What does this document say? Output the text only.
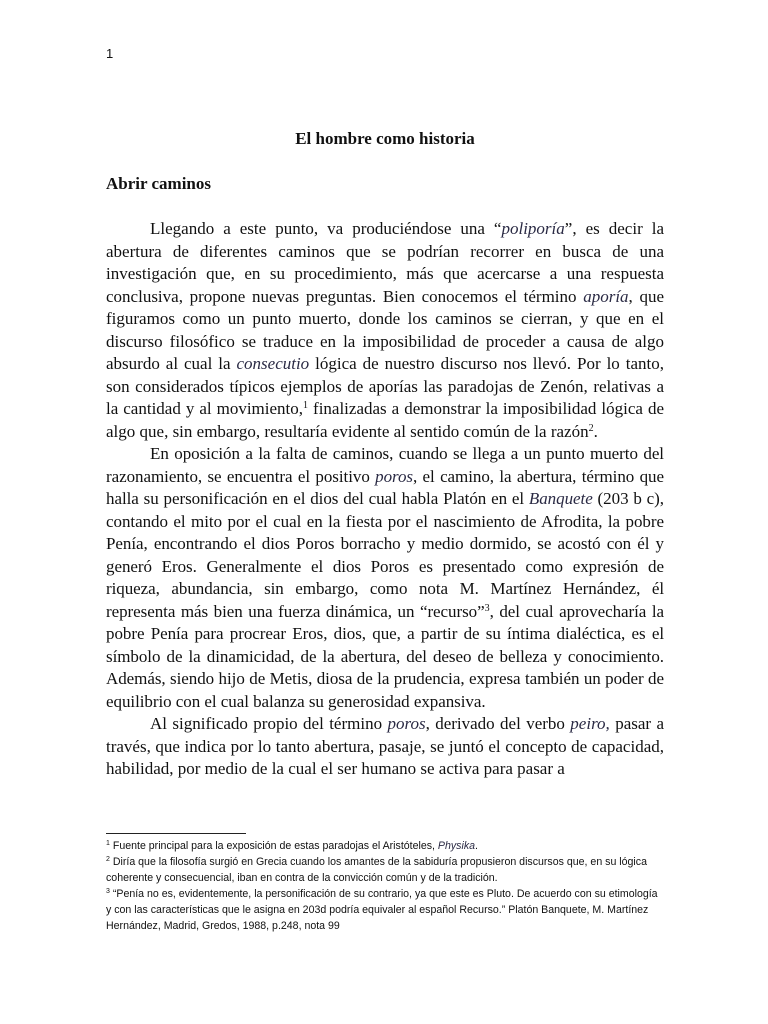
1
El hombre como historia
Abrir caminos

Llegando a este punto, va produciéndose una “poliporía”, es decir la abertura de diferentes caminos que se podrían recorrer en busca de una investigación que, en su procedimiento, más que acercarse a una respuesta conclusiva, propone nuevas preguntas. Bien conocemos el término aporía, que figuramos como un punto muerto, donde los caminos se cierran, y que en el discurso filosófico se traduce en la imposibilidad de proceder a causa de algo absurdo al cual la consecutio lógica de nuestro discurso nos llevó. Por lo tanto, son considerados típicos ejemplos de aporías las paradojas de Zenón, relativas a la cantidad y al movimiento,$^1$ finalizadas a demonstrar la imposibilidad lógica de algo que, sin embargo, resultaría evidente al sentido común de la razón$^2$.

En oposición a la falta de caminos, cuando se llega a un punto muerto del razonamiento, se encuentra el positivo poros, el camino, la abertura, término que halla su personificación en el dios del cual habla Platón en el Banquete (203 b c), contando el mito por el cual en la fiesta por el nascimiento de Afrodita, la pobre Penía, encontrando el dios Poros borracho y medio dormido, se acostó con él y generó Eros. Generalmente el dios Poros es presentado como expresión de riqueza, abundancia, sin embargo, como nota M. Martínez Hernández, él representa más bien una fuerza dinámica, un “recurso”$^3$, del cual aprovecharía la pobre Penía para procrear Eros, dios, que, a partir de su íntima dialéctica, es el símbolo de la dinamicidad, de la abertura, del deseo de belleza y conocimiento. Además, siendo hijo de Metis, diosa de la prudencia, expresa también un poder de equilibrio con el cual balanza su generosidad expansiva.

Al significado propio del término poros, derivado del verbo peiro, pasar a través, que indica por lo tanto abertura, pasaje, se juntó el concepto de capacidad, habilidad, por medio de la cual el ser humano se activa para pasar a

$^1$ Fuente principal para la exposición de estas paradojas el Aristóteles, Physika.

$^2$ Diría que la filosofía surgió en Grecia cuando los amantes de la sabiduría propusieron discursos que, en su lógica coherente y consecuencial, iban en contra de la convicción común y de la tradición.

$^3$ “Penía no es, evidentemente, la personificación de su contrario, ya que este es Pluto. De acuerdo con su etimología y con las características que le asigna en 203d podría equivaler al español Recurso.” Platón Banquete, M. Martínez Hernández, Madrid, Gredos, 1988, p.248, nota 99
